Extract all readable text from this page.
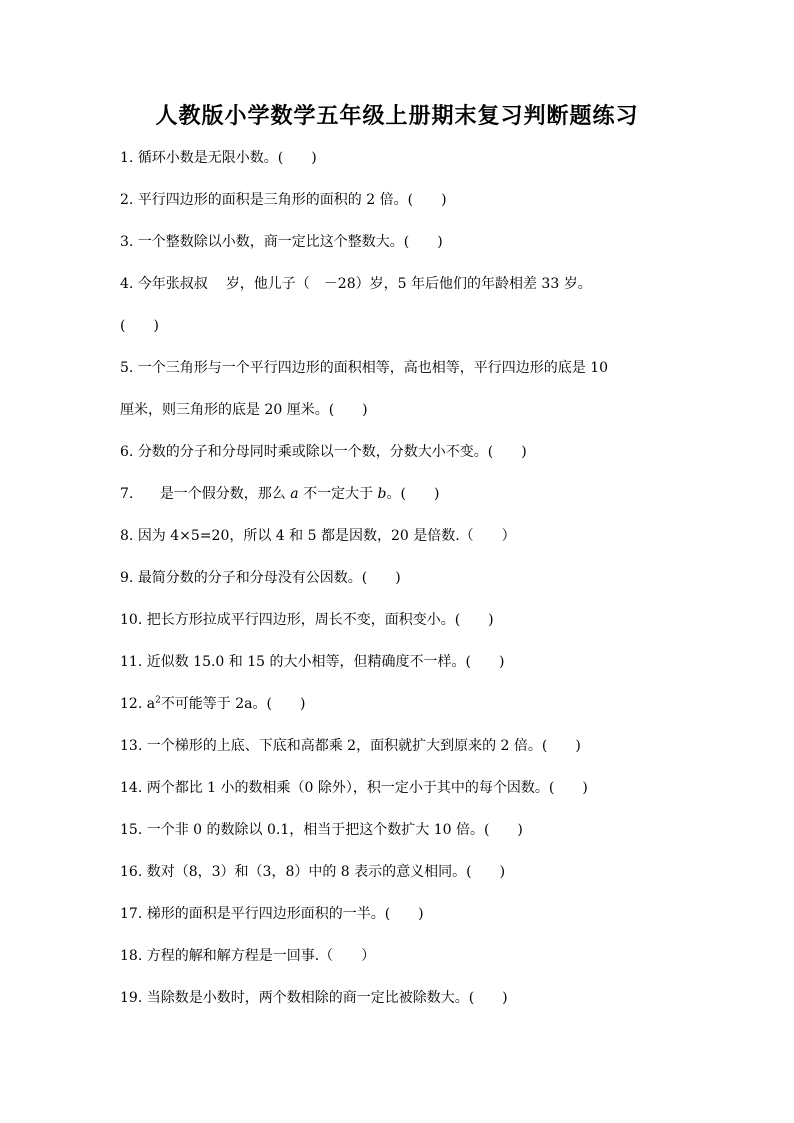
人教版小学数学五年级上册期末复习判断题练习
1. 循环小数是无限小数。(　　)
2. 平行四边形的面积是三角形的面积的 2 倍。(　　)
3. 一个整数除以小数，商一定比这个整数大。(　　)
4. 今年张叔叔 岁，他儿子（ －28）岁，5 年后他们的年龄相差 33 岁。
(　　)
5. 一个三角形与一个平行四边形的面积相等，高也相等，平行四边形的底是 10
厘米，则三角形的底是 20 厘米。(　　)
6. 分数的分子和分母同时乘或除以一个数，分数大小不变。(　　)
7. 是一个假分数，那么 a 不一定大于 b。(　　)
8. 因为 4×5=20，所以 4 和 5 都是因数，20 是倍数.（　　）
9. 最简分数的分子和分母没有公因数。(　　)
10. 把长方形拉成平行四边形，周长不变，面积变小。(　　)
11. 近似数 15.0 和 15 的大小相等，但精确度不一样。(　　)
12. $a^2$不可能等于 2a。(　　)
13. 一个梯形的上底、下底和高都乘 2，面积就扩大到原来的 2 倍。(　　)
14. 两个都比 1 小的数相乘（0 除外），积一定小于其中的每个因数。(　　)
15. 一个非 0 的数除以 0.1，相当于把这个数扩大 10 倍。(　　)
16. 数对（8，3）和（3，8）中的 8 表示的意义相同。(　　)
17. 梯形的面积是平行四边形面积的一半。(　　)
18. 方程的解和解方程是一回事.（　　）
19. 当除数是小数时，两个数相除的商一定比被除数大。(　　)
